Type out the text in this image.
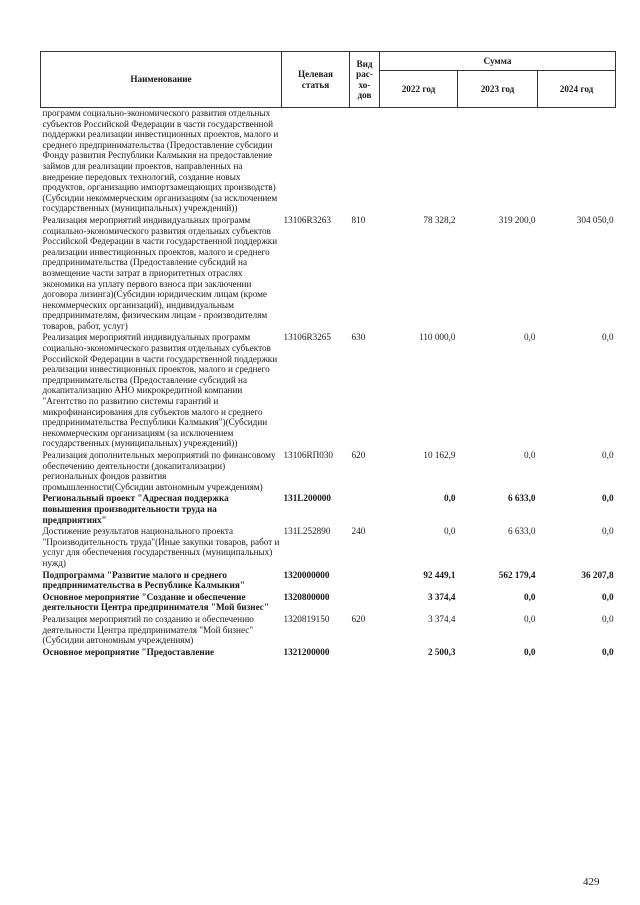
Наименование	Целевая статья	Вид рас-хо-дов	Сумма		
			2022 год	2023 год	2024 год
программ социально-экономического развития отдельных субъектов Российской Федерации в части государственной поддержки реализации инвестиционных проектов, малого и среднего предпринимательства (Предоставление субсидии Фонду развития Республики Калмыкия на предоставление займов для реализации проектов, направленных на внедрение передовых технологий, создание новых продуктов, организацию импортзамещающих производств)(Субсидии некоммерческим организациям (за исключением государственных (муниципальных) учреждений))					
Реализация мероприятий индивидуальных программ социально-экономического развития отдельных субъектов Российской Федерации в части государственной поддержки реализации инвестиционных проектов, малого и среднего предпринимательства (Предоставление субсидий на возмещение части затрат в приоритетных отраслях экономики на уплату первого взноса при заключении договора лизинга)(Субсидии юридическим лицам (кроме некоммерческих организаций), индивидуальным предпринимателям, физическим лицам - производителям товаров, работ, услуг)	13106R3263	810	78 328,2	319 200,0	304 050,0
Реализация мероприятий индивидуальных программ социально-экономического развития отдельных субъектов Российской Федерации в части государственной поддержки реализации инвестиционных проектов, малого и среднего предпринимательства (Предоставление субсидий на докапитализацию АНО микрокредитной компании "Агентство по развитию системы гарантий и микрофинансирования для субъектов малого и среднего предпринимательства Республики Калмыкия")(Субсидии некоммерческим организациям (за исключением государственных (муниципальных) учреждений))	13106R3265	630	110 000,0	0,0	0,0
Реализация дополнительных мероприятий по финансовому обеспечению деятельности (докапитализации) региональных фондов развития промышленности(Субсидии автономным учреждениям)	13106RП030	620	10 162,9	0,0	0,0
Региональный проект "Адресная поддержка повышения производительности труда на предприятиях"	131L200000		0,0	6 633,0	0,0
Достижение результатов национального проекта "Производительность труда"(Иные закупки товаров, работ и услуг для обеспечения государственных (муниципальных) нужд)	131L252890	240	0,0	6 633,0	0,0
Подпрограмма "Развитие малого и среднего предпринимательства в Республике Калмыкия"	1320000000		92 449,1	562 179,4	36 207,8
Основное мероприятие "Создание и обеспечение деятельности Центра предпринимателя "Мой бизнес"	1320800000		3 374,4	0,0	0,0
Реализация мероприятий по созданию и обеспечению деятельности Центра предпринимателя "Мой бизнес"(Субсидии автономным учреждениям)	1320819150	620	3 374,4	0,0	0,0
Основное мероприятие "Предоставление	1321200000		2 500,3	0,0	0,0
429
